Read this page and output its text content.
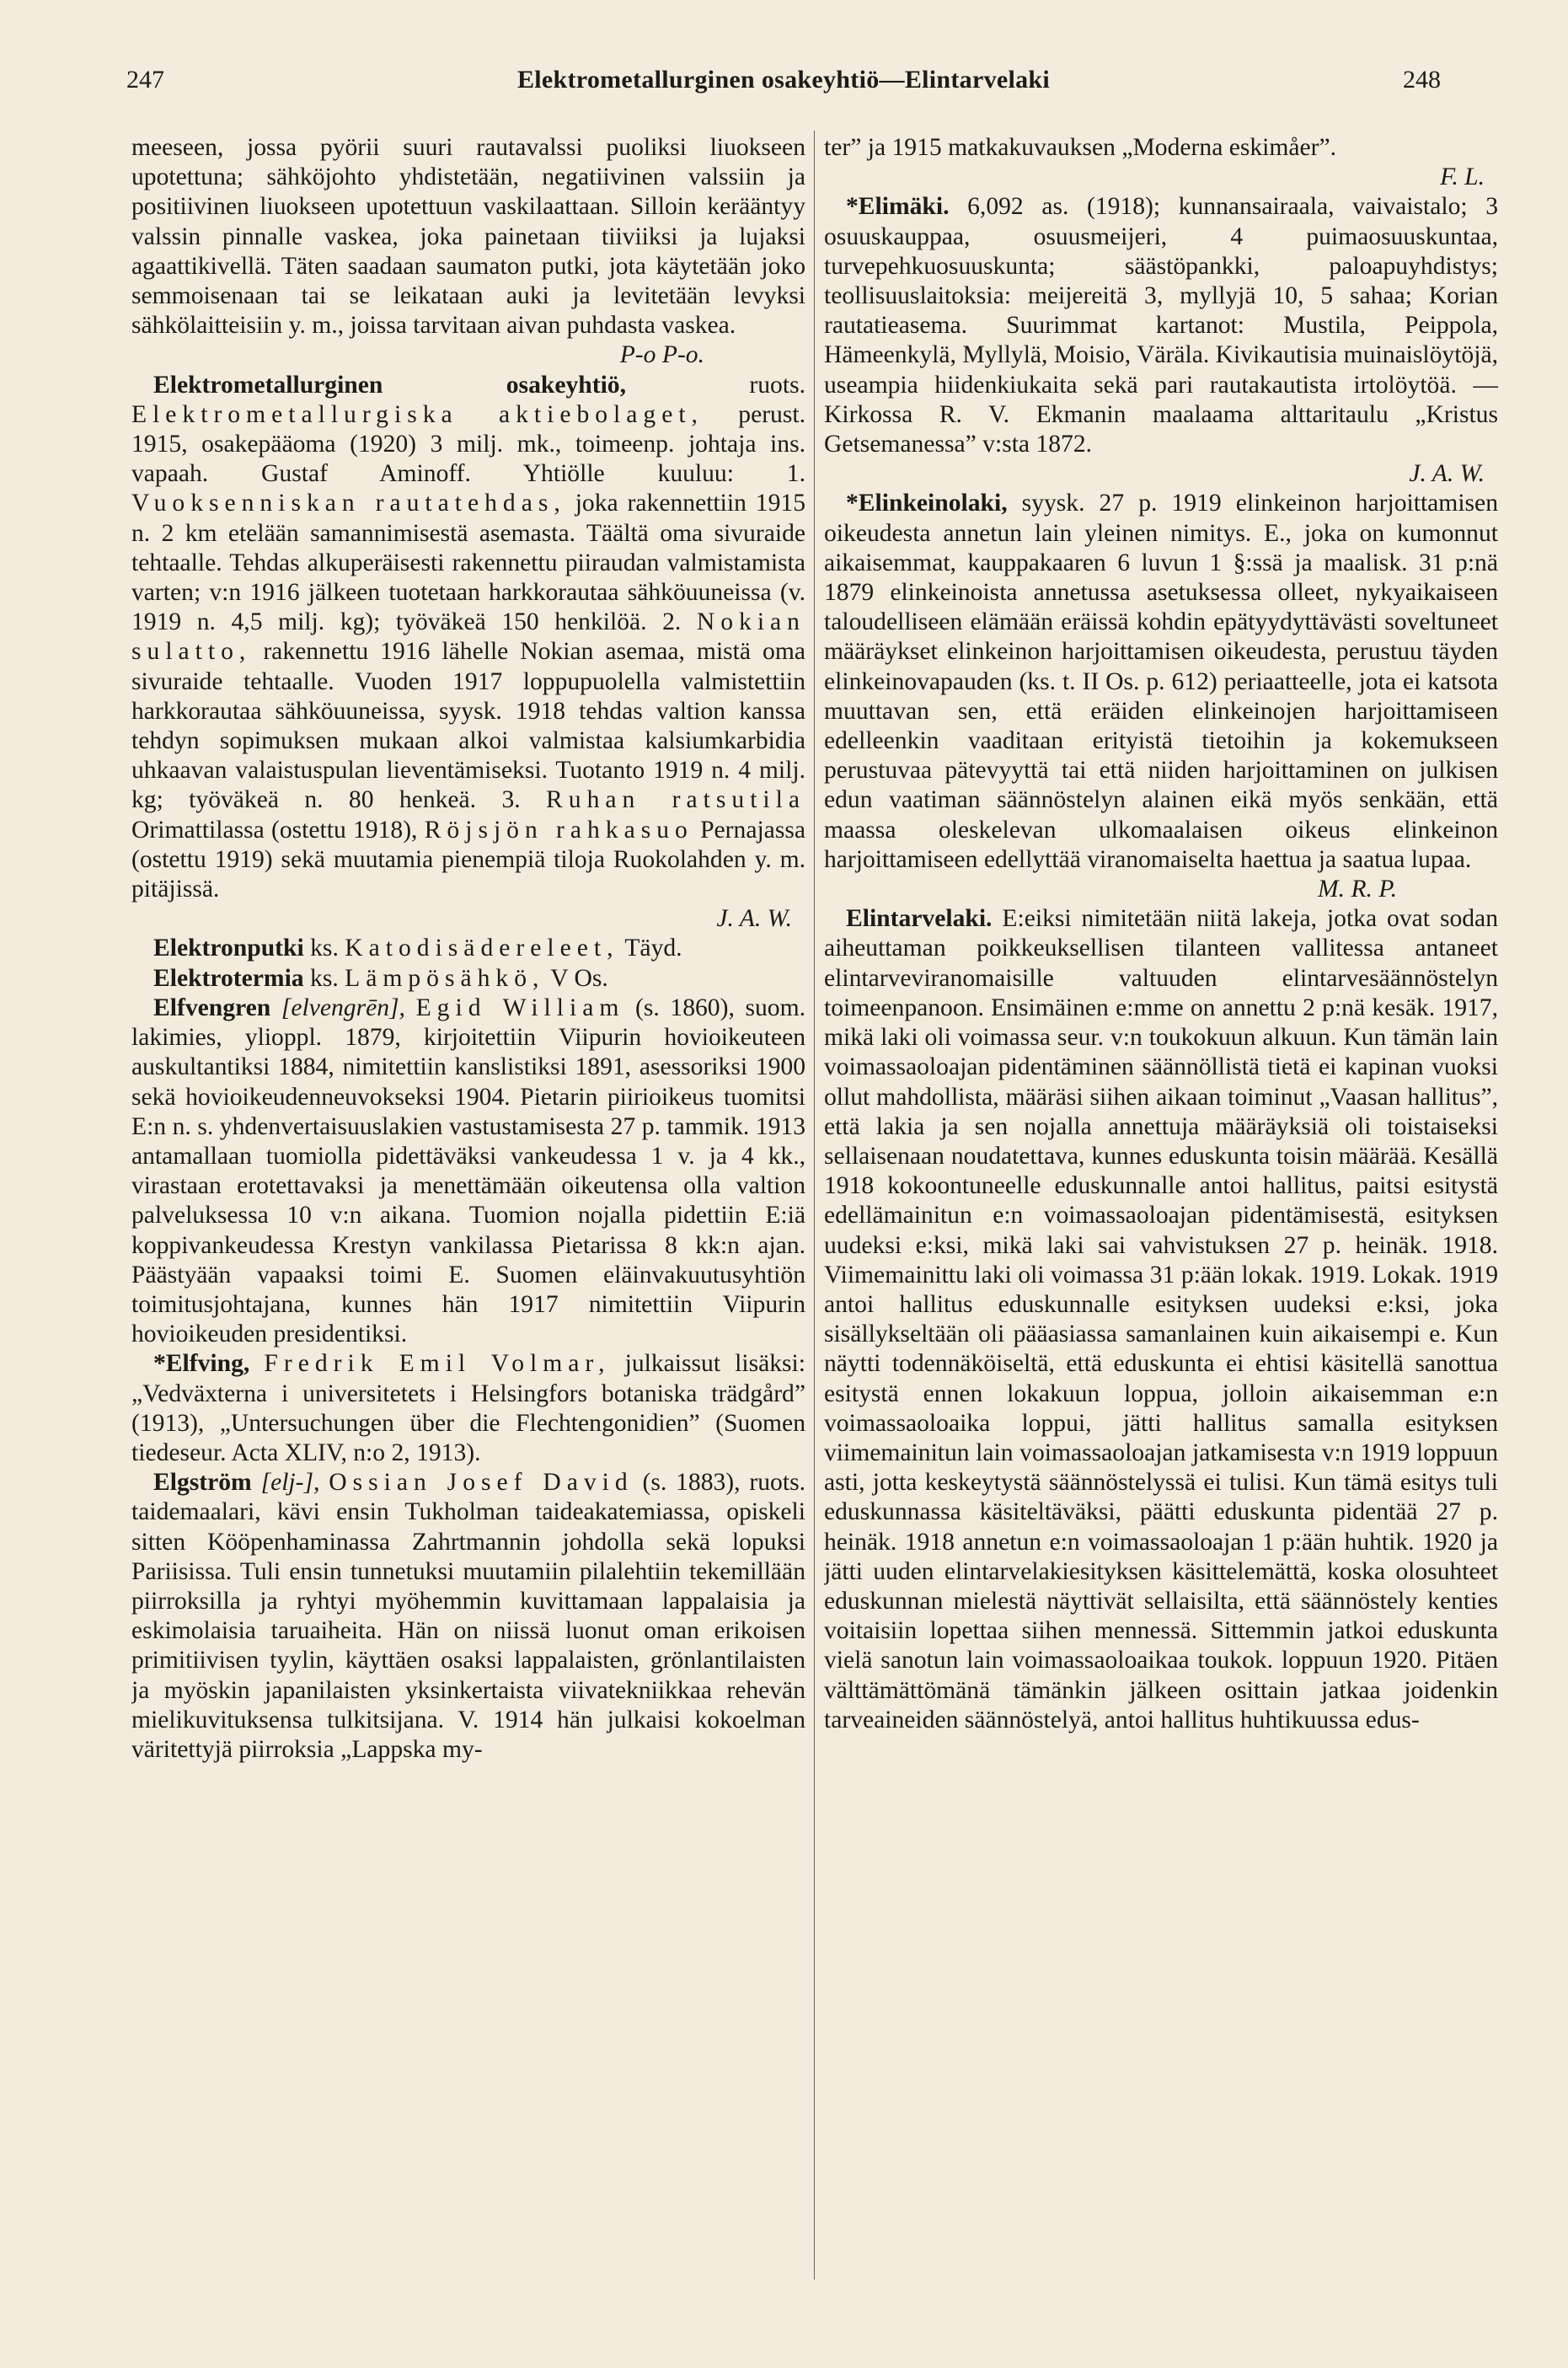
247	Elektrometallurginen osakeyhtiö—Elintarvelaki	248

meeseen, jossa pyörii suuri rautavalssi puoliksi liuokseen upotettuna; sähköjohto yhdistetään, negatiivinen valssiin ja positiivinen liuokseen upotettuun vaskilaattaan. Silloin kerääntyy valssin pinnalle vaskea, joka painetaan tiiviiksi ja lujaksi agaattikivellä. Täten saadaan saumaton putki, jota käytetään joko semmoisenaan tai se leikataan auki ja levitetään levyksi sähkölaitteisiin y. m., joissa tarvitaan aivan puhdasta vaskea.
P-o P-o.

Elektrometallurginen osakeyhtiö,	ruots. Elektrometallurgiska aktiebolaget, perust. 1915, osakepääoma (1920) 3 milj. mk., toimeenp. johtaja ins. vapaah. Gustaf Aminoff. Yhtiölle kuuluu: 1. Vuoksenniskan rautatehdas, joka rakennettiin 1915 n. 2 km etelään samannimisestä asemasta. Täältä oma sivuraide tehtaalle. Tehdas alkuperäisesti rakennettu piiraudan valmistamista varten; v:n 1916 jälkeen tuotetaan harkkorautaa sähköuuneissa (v. 1919 n. 4,5 milj. kg); työväkeä 150 henkilöä. 2. Nokian sulatto, rakennettu 1916 lähelle Nokian asemaa, mistä oma sivuraide tehtaalle. Vuoden 1917 loppupuolella valmistettiin harkkorautaa sähköuuneissa, syysk. 1918 tehdas valtion kanssa tehdyn sopimuksen mukaan alkoi valmistaa kalsiumkarbidia uhkaavan valaistuspulan lieventämiseksi. Tuotanto 1919 n. 4 milj. kg; työväkeä n. 80 henkeä. 3. Ruhan ratsutila Orimattilassa (ostettu 1918), Röjsjön rahkasuo Pernajassa (ostettu 1919) sekä muutamia pienempiä tiloja Ruokolahden y. m. pitäjissä.
J. A. W.

Elektronputki ks. Katodisädereleet, Täyd.

Elektrotermia ks. Lämpösähkö, V Os.

Elfvengren [elvengrēn], Egid William (s. 1860), suom. lakimies, ylioppl. 1879, kirjoitettiin Viipurin hovioikeuteen auskultantiksi 1884, nimitettiin kanslistiksi 1891, asessoriksi 1900 sekä hovioikeudenneuvokseksi 1904. Pietarin piirioikeus tuomitsi E:n n. s. yhdenvertaisuuslakien vastustamisesta 27 p. tammik. 1913 antamallaan tuomiolla pidettäväksi vankeudessa 1 v. ja 4 kk., virastaan erotettavaksi ja menettämään oikeutensa olla valtion palveluksessa 10 v:n aikana. Tuomion nojalla pidettiin E:iä koppivankeudessa Krestyn vankilassa Pietarissa 8 kk:n ajan. Päästyään vapaaksi toimi E. Suomen eläinvakuutusyhtiön toimitusjohtajana, kunnes hän 1917 nimitettiin Viipurin hovioikeuden presidentiksi.

*Elfving, Fredrik Emil Volmar, julkaissut lisäksi: „Vedväxterna i universitetets i Helsingfors botaniska trädgård” (1913), „Untersuchungen über die Flechtengonidien” (Suomen tiedeseur. Acta XLIV, n:o 2, 1913).

Elgström [elj-], Ossian Josef David (s. 1883), ruots. taidemaalari, kävi ensin Tukholman taideakatemiassa, opiskeli sitten Kööpenhaminassa Zahrtmannin johdolla sekä lopuksi Pariisissa. Tuli ensin tunnetuksi muutamiin pilalehtiin tekemillään piirroksilla ja ryhtyi myöhemmin kuvittamaan lappalaisia ja eskimolaisia taruaiheita. Hän on niissä luonut oman erikoisen primitiivisen tyylin, käyttäen osaksi lappalaisten, grönlantilaisten ja myöskin japanilaisten yksinkertaista viivatekniikkaa rehevän mielikuvituksensa tulkitsijana. V. 1914 hän julkaisi kokoelman väritettyjä piirroksia „Lappska my-

ter” ja 1915 matkakuvauksen „Moderna eskimåer”.
F. L.

*Elimäki. 6,092 as. (1918); kunnansairaala, vaivaistalo; 3 osuuskauppaa, osuusmeijeri, 4 puimaosuuskuntaa, turvepehkuosuuskunta; säästöpankki, paloapuyhdistys; teollisuuslaitoksia: meijereitä 3, myllyjä 10, 5 sahaa; Korian rautatieasema. Suurimmat kartanot: Mustila, Peippola, Hämeenkylä, Myllylä, Moisio, Väräla. Kivikautisia muinaislöytöjä, useampia hiidenkiukaita sekä pari rautakautista irtolöytöä. — Kirkossa R. V. Ekmanin maalaama alttaritaulu „Kristus Getsemanessa” v:sta 1872.
J. A. W.

*Elinkeinolaki, syysk. 27 p. 1919 elinkeinon harjoittamisen oikeudesta annetun lain yleinen nimitys. E., joka on kumonnut aikaisemmat, kauppakaaren 6 luvun 1 §:ssä ja maalisk. 31 p:nä 1879 elinkeinoista annetussa asetuksessa olleet, nykyaikaiseen taloudelliseen elämään eräissä kohdin epätyydyttävästi soveltuneet määräykset elinkeinon harjoittamisen oikeudesta, perustuu täyden elinkeinovapauden (ks. t. II Os. p. 612) periaatteelle, jota ei katsota muuttavan sen, että eräiden elinkeinojen harjoittamiseen edelleenkin vaaditaan erityistä tietoihin ja kokemukseen perustuvaa pätevyyttä tai että niiden harjoittaminen on julkisen edun vaatiman säännöstelyn alainen eikä myös senkään, että maassa oleskelevan ulkomaalaisen oikeus elinkeinon harjoittamiseen edellyttää viranomaiselta haettua ja saatua lupaa.
M. R. P.

Elintarvelaki. E:eiksi nimitetään niitä lakeja, jotka ovat sodan aiheuttaman poikkeuksellisen tilanteen vallitessa antaneet elintarveviranomaisille valtuuden elintarvesäännöstelyn toimeenpanoon. Ensimäinen e:mme on annettu 2 p:nä kesäk. 1917, mikä laki oli voimassa seur. v:n toukokuun alkuun. Kun tämän lain voimassaoloajan pidentäminen säännöllistä tietä ei kapinan vuoksi ollut mahdollista, määräsi siihen aikaan toiminut „Vaasan hallitus”, että lakia ja sen nojalla annettuja määräyksiä oli toistaiseksi sellaisenaan noudatettava, kunnes eduskunta toisin määrää. Kesällä 1918 kokoontuneelle eduskunnalle antoi hallitus, paitsi esitystä edellämainitun e:n voimassaoloajan pidentämisestä, esityksen uudeksi e:ksi, mikä laki sai vahvistuksen 27 p. heinäk. 1918. Viimemainittu laki oli voimassa 31 p:ään lokak. 1919. Lokak. 1919 antoi hallitus eduskunnalle esityksen uudeksi e:ksi, joka sisällykseltään oli pääasiassa samanlainen kuin aikaisempi e. Kun näytti todennäköiseltä, että eduskunta ei ehtisi käsitellä sanottua esitystä ennen lokakuun loppua, jolloin aikaisemman e:n voimassaoloaika loppui, jätti hallitus samalla esityksen viimemainitun lain voimassaoloajan jatkamisesta v:n 1919 loppuun asti, jotta keskeytystä säännöstelyssä ei tulisi. Kun tämä esitys tuli eduskunnassa käsiteltäväksi, päätti eduskunta pidentää 27 p. heinäk. 1918 annetun e:n voimassaoloajan 1 p:ään huhtik. 1920 ja jätti uuden elintarvelakiesityksen käsittelemättä, koska olosuhteet eduskunnan mielestä näyttivät sellaisilta, että säännöstely kenties voitaisiin lopettaa siihen mennessä. Sittemmin jatkoi eduskunta vielä sanotun lain voimassaoloaikaa toukok. loppuun 1920. Pitäen välttämättömänä tämänkin jälkeen osittain jatkaa joidenkin tarveaineiden säännöstelyä, antoi hallitus huhtikuussa edus-
